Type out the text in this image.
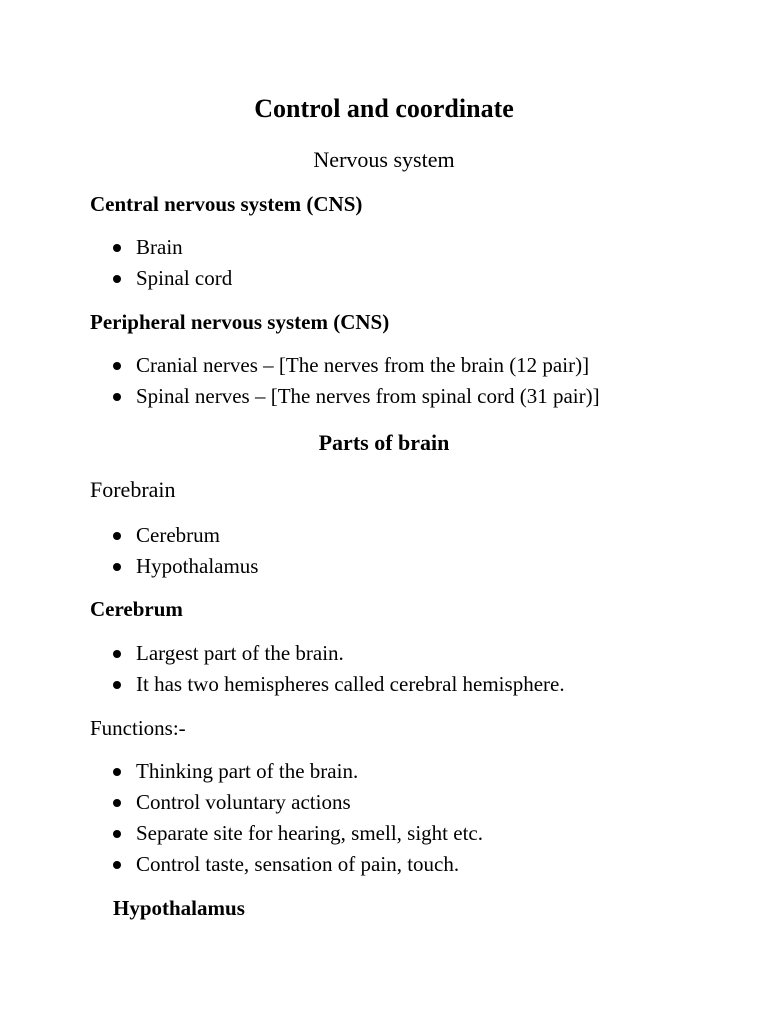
Control and coordinate
Nervous system
Central nervous system (CNS)
Brain
Spinal cord
Peripheral nervous system (CNS)
Cranial nerves – [The nerves from the brain (12 pair)]
Spinal nerves – [The nerves from spinal cord (31 pair)]
Parts of brain
Forebrain
Cerebrum
Hypothalamus
Cerebrum
Largest part of the brain.
It has two hemispheres called cerebral hemisphere.

Functions:-

Thinking part of the brain.
Control voluntary actions
Separate site for hearing, smell, sight etc.
Control taste, sensation of pain, touch.
Hypothalamus
